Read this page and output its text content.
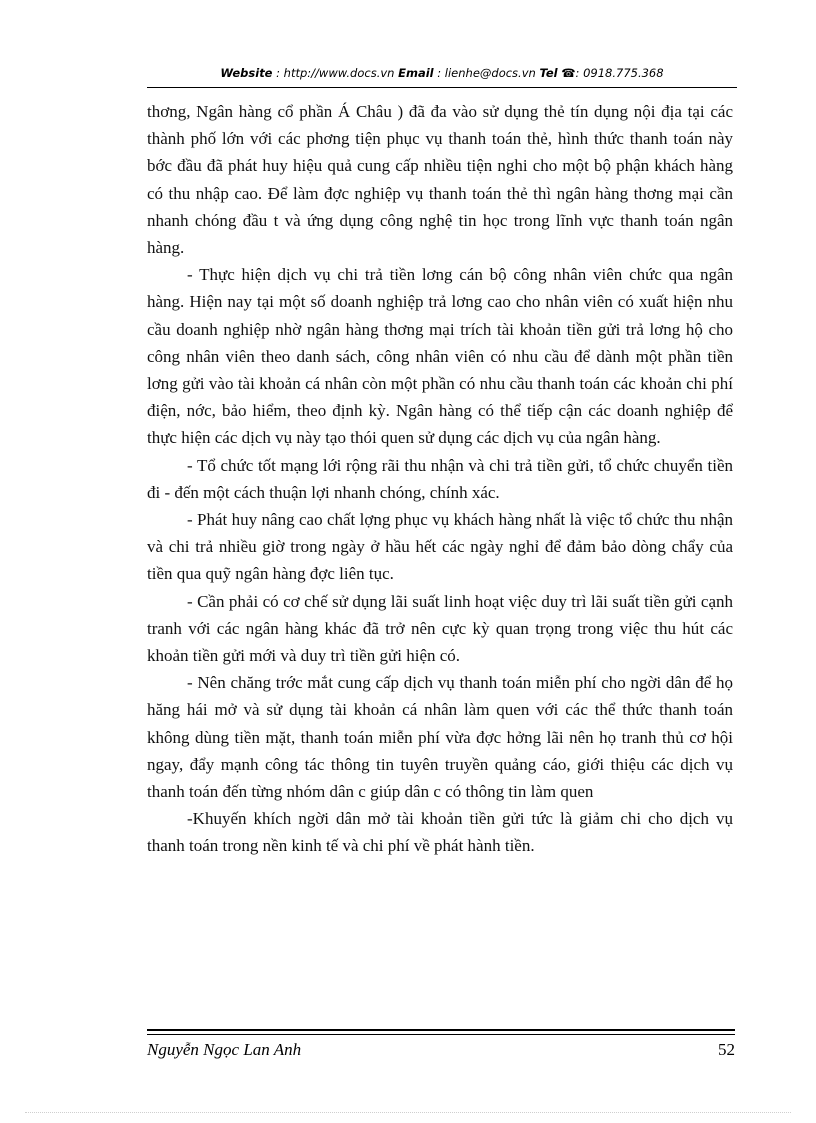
Website : http://www.docs.vn Email : lienhe@docs.vn Tel ☎: 0918.775.368

thơng, Ngân hàng cổ phần Á Châu ) đã đa vào sử dụng thẻ tín dụng nội địa tại các thành phố lớn với các phơng tiện phục vụ thanh toán thẻ, hình thức thanh toán này bớc đầu đã phát huy hiệu quả cung cấp nhiều tiện nghi cho một bộ phận khách hàng có thu nhập cao. Để làm đợc nghiệp vụ thanh toán thẻ thì ngân hàng thơng mại cần nhanh chóng đầu t và ứng dụng công nghệ tin học trong lĩnh vực thanh toán ngân hàng.

- Thực hiện dịch vụ chi trả tiền lơng cán bộ công nhân viên chức qua ngân hàng. Hiện nay tại một số doanh nghiệp trả lơng cao cho nhân viên có xuất hiện nhu cầu doanh nghiệp nhờ ngân hàng thơng mại trích tài khoản tiền gửi trả lơng hộ cho công nhân viên theo danh sách, công nhân viên có nhu cầu để dành một phần tiền lơng gửi vào tài khoản cá nhân còn một phần có nhu cầu thanh toán các khoản chi phí điện, nớc, bảo hiểm, theo định kỳ. Ngân hàng có thể tiếp cận các doanh nghiệp để thực hiện các dịch vụ này tạo thói quen sử dụng các dịch vụ của ngân hàng.

- Tổ chức tốt mạng lới rộng rãi thu nhận và chi trả tiền gửi, tổ chức chuyển tiền đi - đến một cách thuận lợi nhanh chóng, chính xác.

- Phát huy nâng cao chất lợng phục vụ khách hàng nhất là việc tổ chức thu nhận và chi trả nhiều giờ trong ngày ở hầu hết các ngày nghỉ để đảm bảo dòng chẩy của tiền qua quỹ ngân hàng đợc liên tục.

- Cần phải có cơ chế sử dụng lãi suất linh hoạt việc duy trì lãi suất tiền gửi cạnh tranh với các ngân hàng khác đã trở nên cực kỳ quan trọng trong việc thu hút các khoản tiền gửi mới và duy trì tiền gửi hiện có.

- Nên chăng trớc mắt cung cấp dịch vụ thanh toán miễn phí cho ngời dân để họ hăng hái mở và sử dụng tài khoản cá nhân làm quen với các thể thức thanh toán không dùng tiền mặt, thanh toán miễn phí vừa đợc hởng lãi nên họ tranh thủ cơ hội ngay, đẩy mạnh công tác thông tin tuyên truyền quảng cáo, giới thiệu các dịch vụ thanh toán đến từng nhóm dân c giúp dân c có thông tin làm quen

-Khuyến khích ngời dân mở tài khoản tiền gửi tức là giảm chi cho dịch vụ thanh toán trong nền kinh tế và chi phí về phát hành tiền.

Nguyễn Ngọc Lan Anh	52
